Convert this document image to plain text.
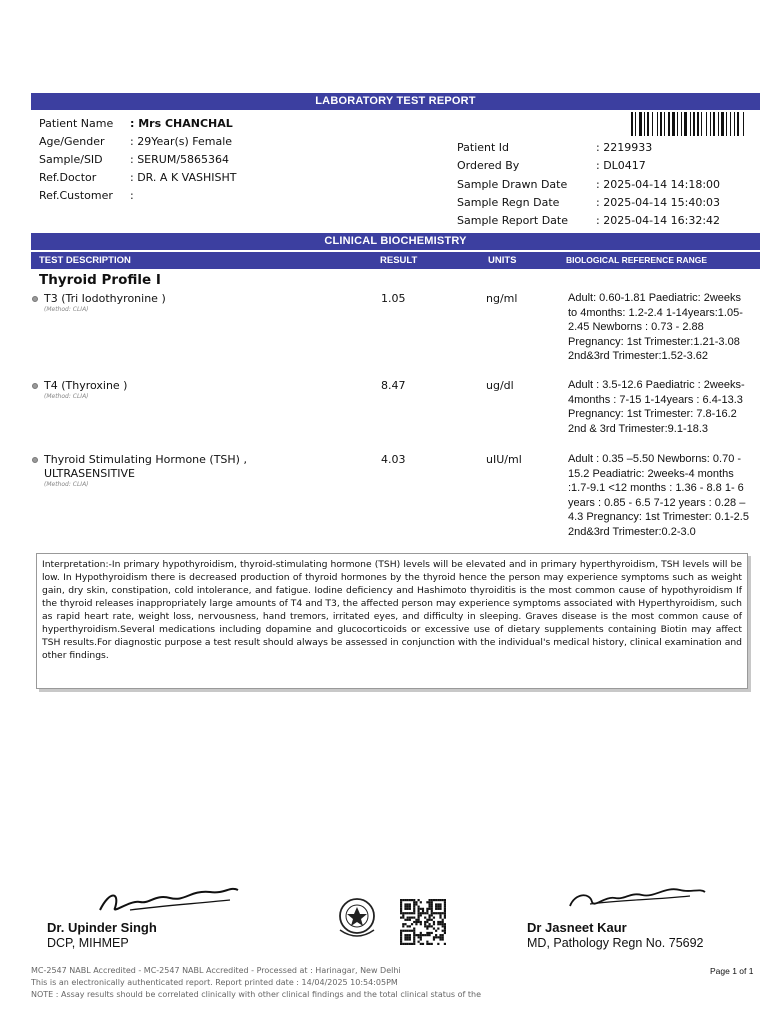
LABORATORY TEST REPORT
Patient Name : Mrs CHANCHAL
Age/Gender : 29Year(s) Female
Sample/SID : SERUM/5865364
Ref.Doctor	: DR. A K VASHISHT
Ref.Customer :
Patient Id	: 2219933
Ordered By	: DL0417
Sample Drawn Date	: 2025-04-14 14:18:00
Sample Regn Date	: 2025-04-14 15:40:03
Sample Report Date	: 2025-04-14 16:32:42
CLINICAL BIOCHEMISTRY
TEST DESCRIPTION	RESULT	UNITS	BIOLOGICAL REFERENCE RANGE
Thyroid Profile I
T3 (Tri Iodothyronine )
(Method: CLIA)
1.05	ng/ml	Adult: 0.60-1.81 Paediatric: 2weeks to 4months: 1.2-2.4 1-14years:1.05-2.45 Newborns : 0.73 - 2.88 Pregnancy: 1st Trimester:1.21-3.08 2nd&3rd Trimester:1.52-3.62
T4 (Thyroxine )
(Method: CLIA)
8.47	ug/dl	Adult : 3.5-12.6 Paediatric : 2weeks-4months : 7-15 1-14years : 6.4-13.3 Pregnancy: 1st Trimester: 7.8-16.2 2nd & 3rd Trimester:9.1-18.3
Thyroid Stimulating Hormone (TSH) , ULTRASENSITIVE
(Method: CLIA)
4.03	uIU/ml	Adult : 0.35 –5.50 Newborns: 0.70 - 15.2 Peadiatric: 2weeks-4 months :1.7-9.1 <12 months : 1.36 - 8.8 1- 6 years : 0.85 - 6.5 7-12 years : 0.28 – 4.3 Pregnancy: 1st Trimester: 0.1-2.5 2nd&3rd Trimester:0.2-3.0
Interpretation:-In primary hypothyroidism, thyroid-stimulating hormone (TSH) levels will be elevated and in primary hyperthyroidism, TSH levels will be low. In Hypothyroidism there is decreased production of thyroid hormones by the thyroid hence the person may experience symptoms such as weight gain, dry skin, constipation, cold intolerance, and fatigue. Iodine deficiency and Hashimoto thyroiditis is the most common cause of hypothyroidism If the thyroid releases inappropriately large amounts of T4 and T3, the affected person may experience symptoms associated with Hyperthyroidism, such as rapid heart rate, weight loss, nervousness, hand tremors, irritated eyes, and difficulty in sleeping. Graves disease is the most common cause of hyperthyroidism.Several medications including dopamine and glucocorticoids or excessive use of dietary supplements containing Biotin may affect TSH results.For diagnostic purpose a test result should always be assessed in conjunction with the individual's medical history, clinical examination and other findings.
Dr. Upinder Singh
DCP, MIHMEP
Dr Jasneet Kaur
MD, Pathology Regn No. 75692
MC-2547 NABL Accredited - MC-2547 NABL Accredited - Processed at : Harinagar, New Delhi
This is an electronically authenticated report. Report printed date : 14/04/2025 10:54:05PM
NOTE : Assay results should be correlated clinically with other clinical findings and the total clinical status of the
Page 1 of 1
